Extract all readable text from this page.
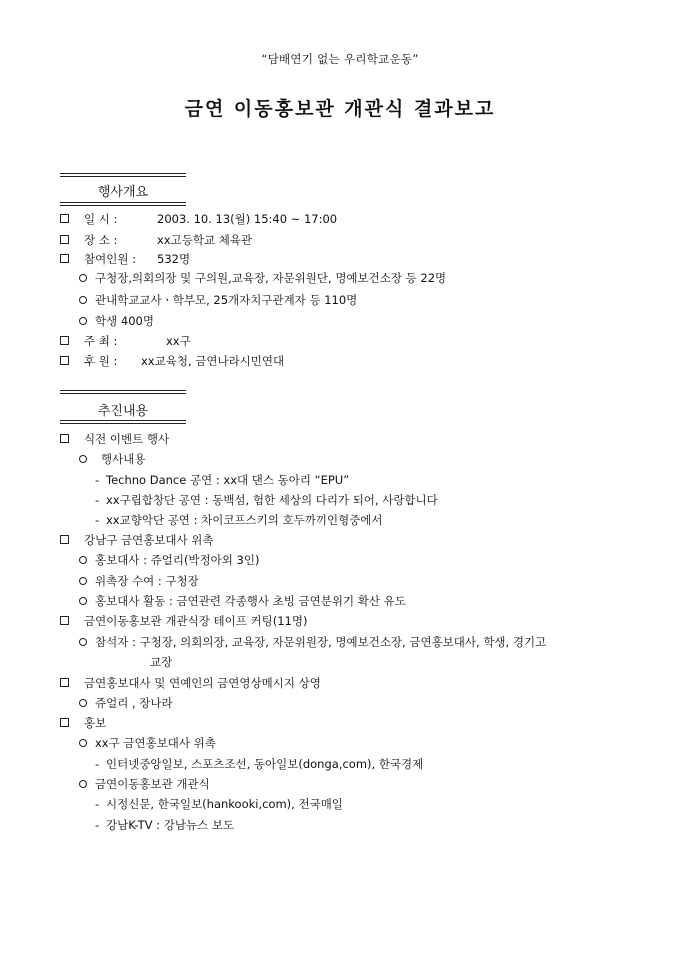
“담배연기 없는 우리학교운동”
금연 이동홍보관 개관식 결과보고
행사개요
일 시 :	2003. 10. 13(월) 15:40 ~ 17:00
장 소 :	xx고등학교 체육관
참여인원 : 532명
구청장,의회의장 및 구의원,교육장, 자문위원단, 명예보건소장 등 22명
관내학교교사ㆍ학부모, 25개자치구관계자 등 110명
학생 400명
주 최 :	xx구
후 원 : xx교육청, 금연나라시민연대
추진내용
식전 이벤트 행사
행사내용
- Techno Dance 공연 : xx대 댄스 동아리 “EPU”
- xx구립합창단 공연 : 동백섬, 험한 세상의 다리가 되어, 사랑합니다
- xx교향악단 공연 : 차이코프스키의 호두까끼인형중에서
강남구 금연홍보대사 위촉
홍보대사 : 쥬얼리(박정아외 3인)
위촉장 수여 : 구청장
홍보대사 활동 : 금연관련 각종행사 초빙 금연분위기 확산 유도
금연이동홍보관 개관식장 테이프 커팅(11명)
참석자 : 구청장, 의회의장, 교육장, 자문위원장, 명예보건소장, 금연홍보대사, 학생, 경기고
교장
금연홍보대사 및 연예인의 금연영상메시지 상영
쥬얼리 , 장나라
홍보
xx구 금연홍보대사 위촉
- 인터넷중앙일보, 스포츠조선, 동아일보(donga,com), 한국경제
금연이동홍보관 개관식
- 시정신문, 한국일보(hankooki,com), 전국매일
- 강남K-TV : 강남뉴스 보도
